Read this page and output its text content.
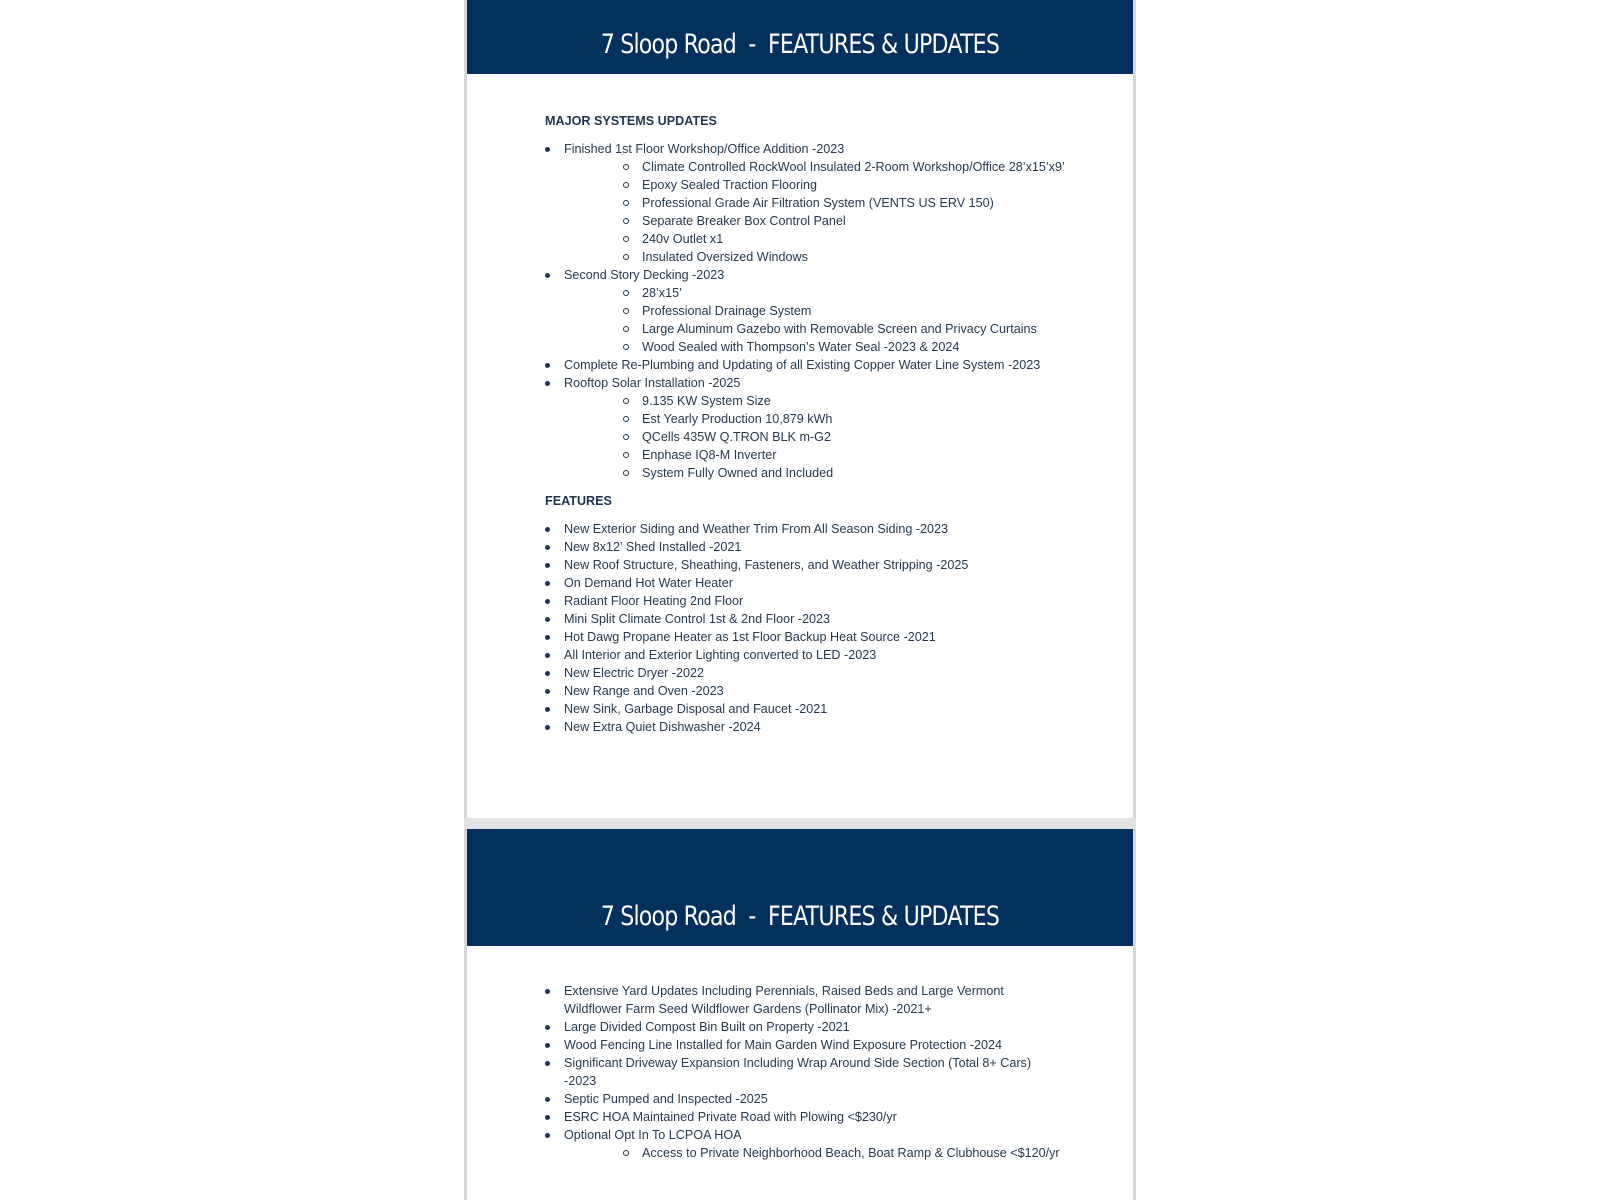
7 Sloop Road  -  FEATURES & UPDATES
MAJOR SYSTEMS UPDATES
Finished 1st Floor Workshop/Office Addition -2023
Climate Controlled RockWool Insulated 2-Room Workshop/Office 28’x15’x9’
Epoxy Sealed Traction Flooring
Professional Grade Air Filtration System (VENTS US ERV 150)
Separate Breaker Box Control Panel
240v Outlet x1
Insulated Oversized Windows
Second Story Decking -2023
28’x15’
Professional Drainage System
Large Aluminum Gazebo with Removable Screen and Privacy Curtains
Wood Sealed with Thompson’s Water Seal -2023 & 2024
Complete Re-Plumbing and Updating of all Existing Copper Water Line System -2023
Rooftop Solar Installation -2025
9.135 KW System Size
Est Yearly Production 10,879 kWh
QCells 435W Q.TRON BLK m-G2
Enphase IQ8-M Inverter
System Fully Owned and Included
FEATURES
New Exterior Siding and Weather Trim From All Season Siding -2023
New 8x12’ Shed Installed -2021
New Roof Structure, Sheathing, Fasteners, and Weather Stripping -2025
On Demand Hot Water Heater
Radiant Floor Heating 2nd Floor
Mini Split Climate Control 1st & 2nd Floor -2023
Hot Dawg Propane Heater as 1st Floor Backup Heat Source -2021
All Interior and Exterior Lighting converted to LED -2023
New Electric Dryer -2022
New Range and Oven -2023
New Sink, Garbage Disposal and Faucet -2021
New Extra Quiet Dishwasher -2024
7 Sloop Road  -  FEATURES & UPDATES
Extensive Yard Updates Including Perennials, Raised Beds and Large Vermont Wildflower Farm Seed Wildflower Gardens (Pollinator Mix) -2021+
Large Divided Compost Bin Built on Property -2021
Wood Fencing Line Installed for Main Garden Wind Exposure Protection -2024
Significant Driveway Expansion Including Wrap Around Side Section (Total 8+ Cars) -2023
Septic Pumped and Inspected -2025
ESRC HOA Maintained Private Road with Plowing <$230/yr
Optional Opt In To LCPOA HOA
Access to Private Neighborhood Beach, Boat Ramp & Clubhouse <$120/yr
